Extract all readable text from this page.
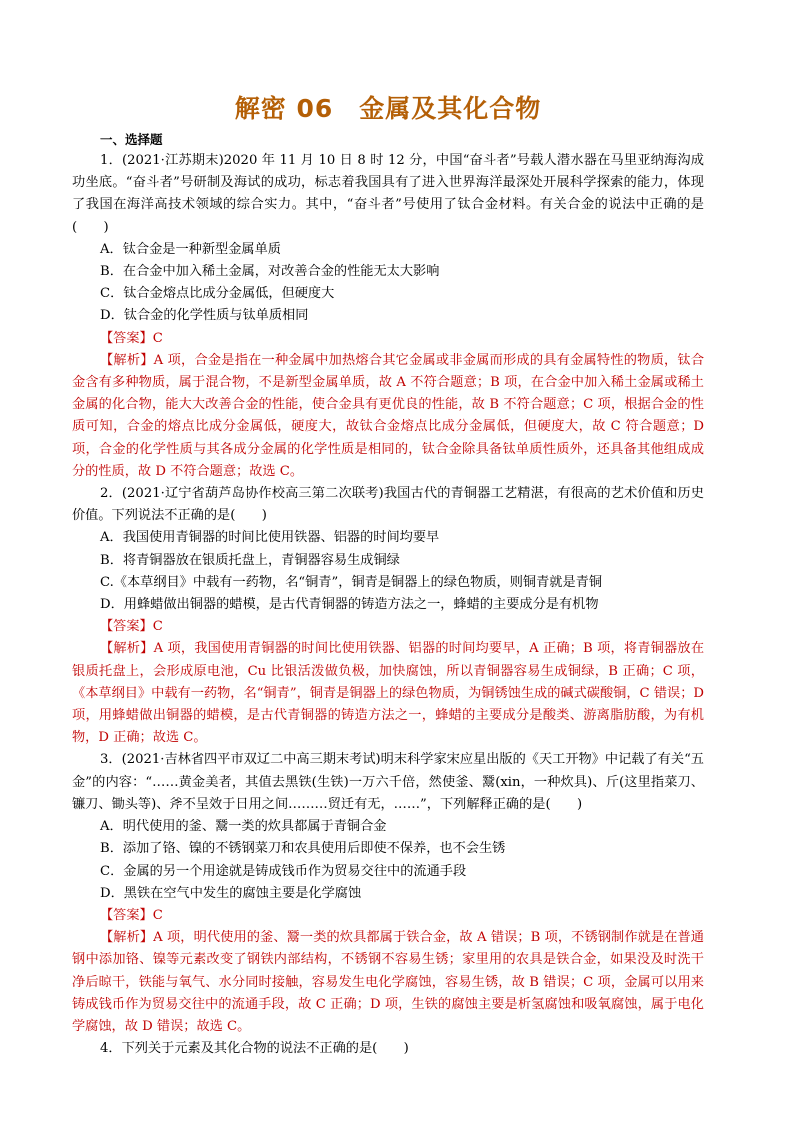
解密 06　金属及其化合物
一、选择题

1．(2021·江苏期末)2020 年 11 月 10 日 8 时 12 分，中国“奋斗者”号载人潜水器在马里亚纳海沟成功坐底。“奋斗者”号研制及海试的成功，标志着我国具有了进入世界海洋最深处开展科学探索的能力，体现了我国在海洋高技术领域的综合实力。其中，“奋斗者”号使用了钛合金材料。有关合金的说法中正确的是(　　)

A．钛合金是一种新型金属单质

B．在合金中加入稀土金属，对改善合金的性能无太大影响

C．钛合金熔点比成分金属低，但硬度大

D．钛合金的化学性质与钛单质相同

【答案】C

【解析】A 项，合金是指在一种金属中加热熔合其它金属或非金属而形成的具有金属特性的物质，钛合金含有多种物质，属于混合物，不是新型金属单质，故 A 不符合题意；B 项，在合金中加入稀土金属或稀土金属的化合物，能大大改善合金的性能，使合金具有更优良的性能，故 B 不符合题意；C 项，根据合金的性质可知，合金的熔点比成分金属低，硬度大，故钛合金熔点比成分金属低，但硬度大，故 C 符合题意；D 项，合金的化学性质与其各成分金属的化学性质是相同的，钛合金除具备钛单质性质外，还具备其他组成成分的性质，故 D 不符合题意；故选 C。

2．(2021·辽宁省葫芦岛协作校高三第二次联考)我国古代的青铜器工艺精湛，有很高的艺术价值和历史价值。下列说法不正确的是(　　)

A．我国使用青铜器的时间比使用铁器、铝器的时间均要早

B．将青铜器放在银质托盘上，青铜器容易生成铜绿

C.《本草纲目》中载有一药物，名“铜青”，铜青是铜器上的绿色物质，则铜青就是青铜

D．用蜂蜡做出铜器的蜡模，是古代青铜器的铸造方法之一，蜂蜡的主要成分是有机物

【答案】C

【解析】A 项，我国使用青铜器的时间比使用铁器、铝器的时间均要早，A 正确；B 项，将青铜器放在银质托盘上，会形成原电池，Cu 比银活泼做负极，加快腐蚀，所以青铜器容易生成铜绿，B 正确；C 项，《本草纲目》中载有一药物，名“铜青”，铜青是铜器上的绿色物质，为铜锈蚀生成的碱式碳酸铜，C 错误；D 项，用蜂蜡做出铜器的蜡模，是古代青铜器的铸造方法之一，蜂蜡的主要成分是酸类、游离脂肪酸，为有机物，D 正确；故选 C。

3．(2021·吉林省四平市双辽二中高三期末考试)明末科学家宋应星出版的《天工开物》中记载了有关“五金”的内容：“……黄金美者，其值去黑铁(生铁)一万六千倍，然使釜、鬵(xin，一种炊具)、斤(这里指菜刀、镰刀、锄头等)、斧不呈效于日用之间………贸迁有无，……”，下列解释正确的是(　　)

A．明代使用的釜、鬵一类的炊具都属于青铜合金

B．添加了铬、镍的不锈钢菜刀和农具使用后即使不保养，也不会生锈

C．金属的另一个用途就是铸成钱币作为贸易交往中的流通手段

D．黑铁在空气中发生的腐蚀主要是化学腐蚀

【答案】C

【解析】A 项，明代使用的釜、鬵一类的炊具都属于铁合金，故 A 错误；B 项，不锈钢制作就是在普通钢中添加铬、镍等元素改变了钢铁内部结构，不锈钢不容易生锈；家里用的农具是铁合金，如果没及时洗干净后晾干，铁能与氧气、水分同时接触，容易发生电化学腐蚀，容易生锈，故 B 错误；C 项，金属可以用来铸成钱币作为贸易交往中的流通手段，故 C 正确；D 项，生铁的腐蚀主要是析氢腐蚀和吸氧腐蚀，属于电化学腐蚀，故 D 错误；故选 C。

4．下列关于元素及其化合物的说法不正确的是(　　)
